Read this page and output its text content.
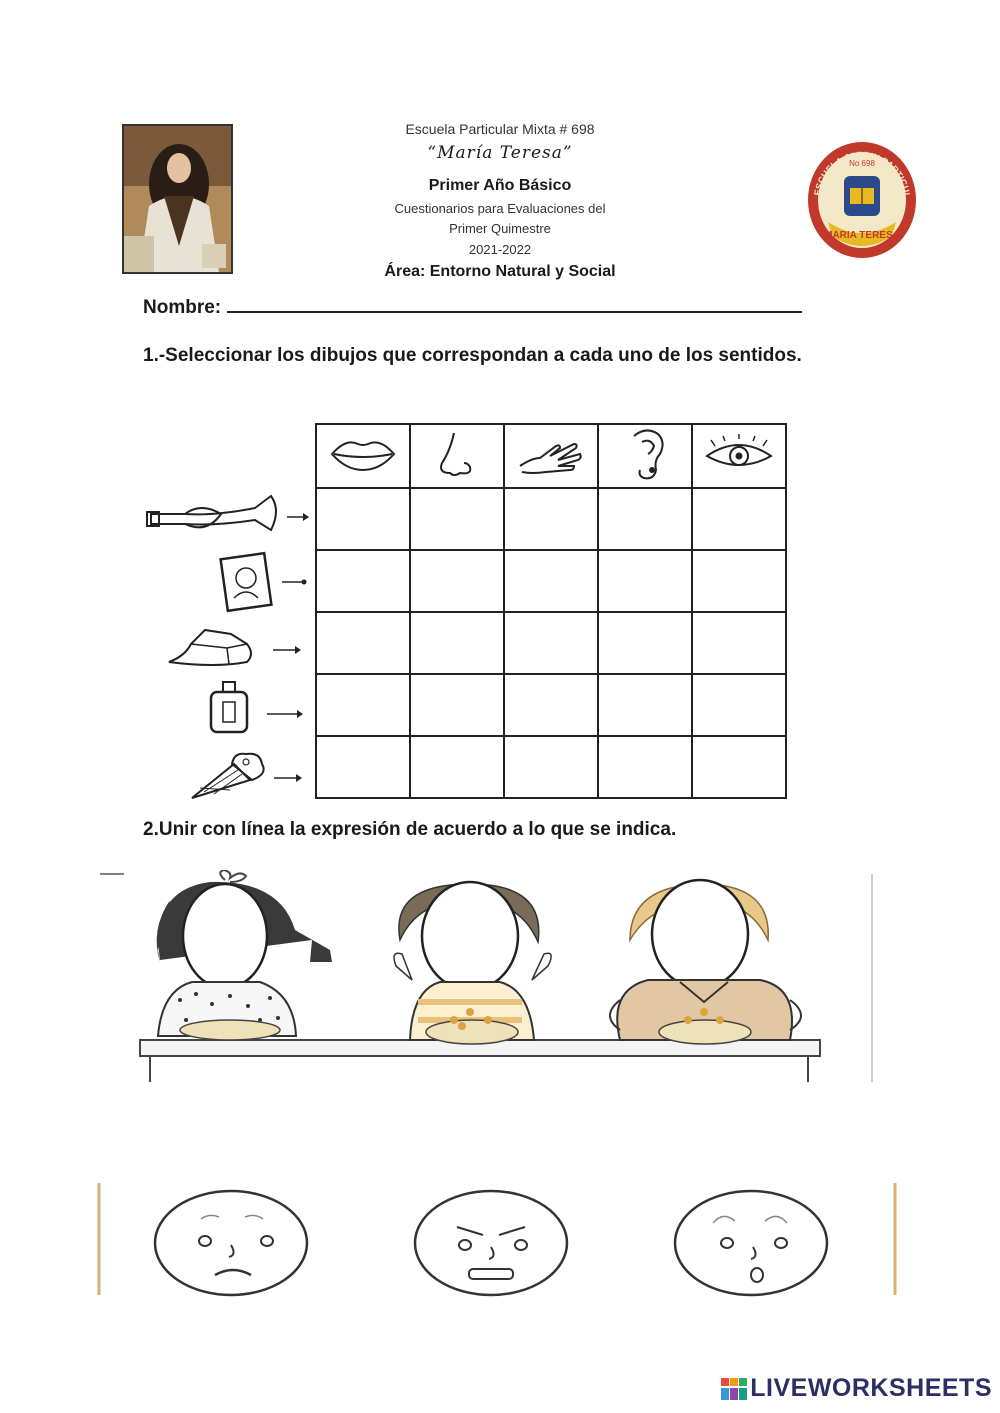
Escuela Particular Mixta # 698
“María Teresa”
Primer Año Básico
Cuestionarios para Evaluaciones del
Primer Quimestre
2021-2022
Área: Entorno Natural y Social
ESCUELA JARDIN PARTICUL
No 698
MARIA TERESA
Nombre:
1.-Seleccionar los dibujos que correspondan a cada uno de los sentidos.

2.Unir con línea la expresión de acuerdo a lo que se indica.
LIVEWORKSHEETS
